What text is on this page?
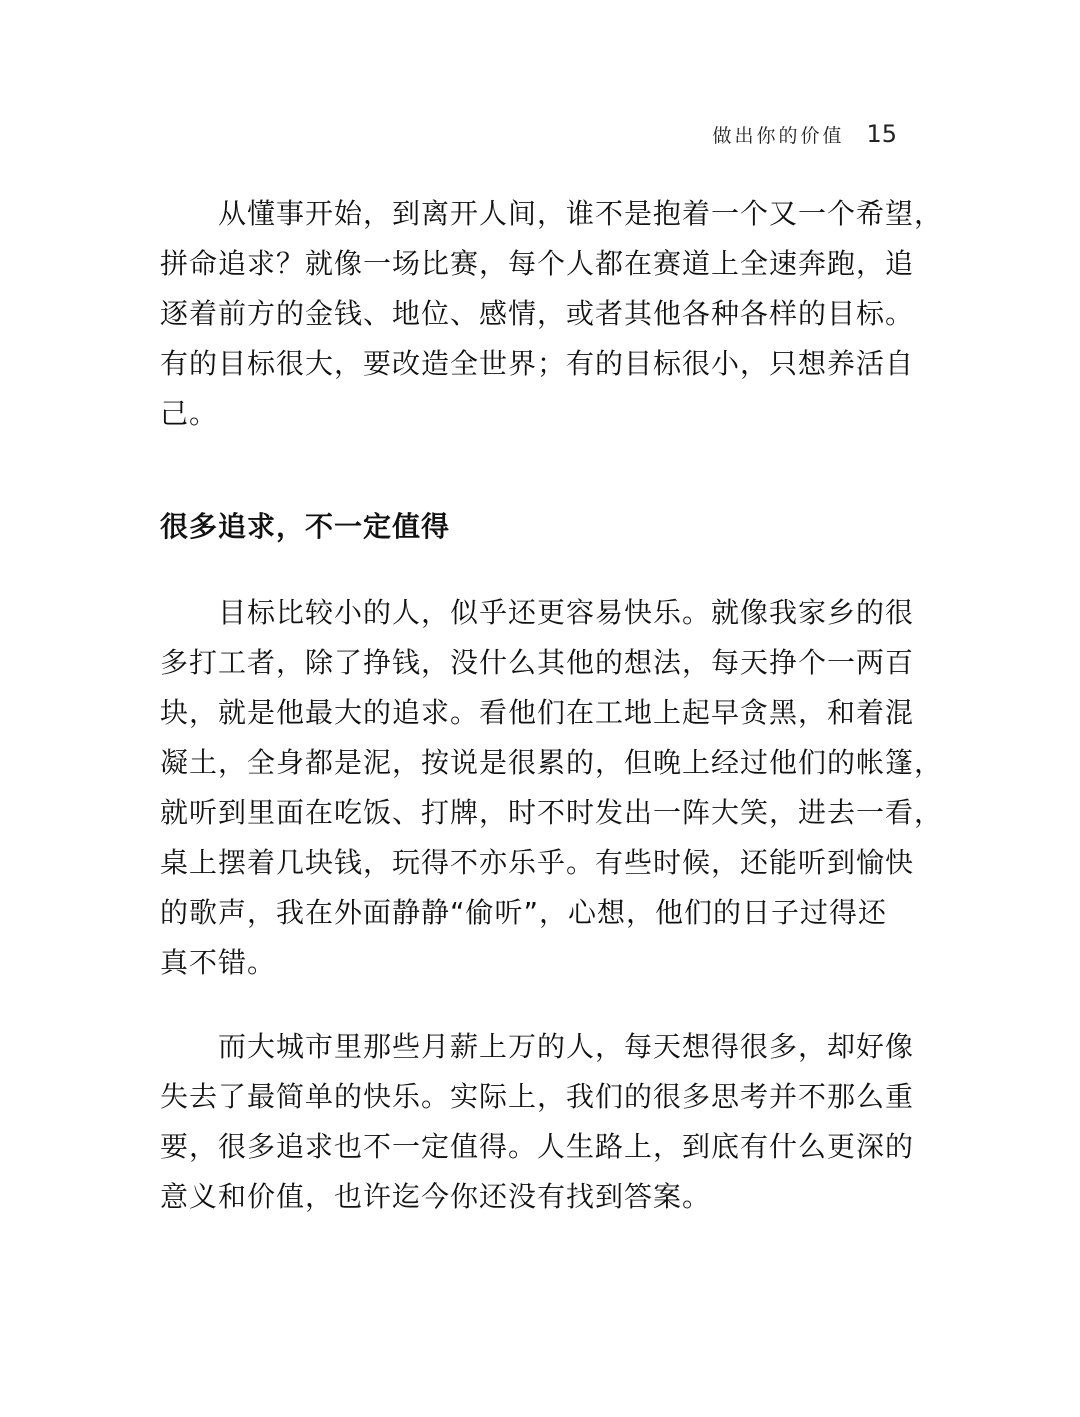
做出你的价值 15

从懂事开始，到离开人间，谁不是抱着一个又一个希望，
拼命追求？就像一场比赛，每个人都在赛道上全速奔跑，追
逐着前方的金钱、地位、感情，或者其他各种各样的目标。
有的目标很大，要改造全世界；有的目标很小，只想养活自
己。

很多追求，不一定值得

目标比较小的人，似乎还更容易快乐。就像我家乡的很
多打工者，除了挣钱，没什么其他的想法，每天挣个一两百
块，就是他最大的追求。看他们在工地上起早贪黑，和着混
凝土，全身都是泥，按说是很累的，但晚上经过他们的帐篷，
就听到里面在吃饭、打牌，时不时发出一阵大笑，进去一看，
桌上摆着几块钱，玩得不亦乐乎。有些时候，还能听到愉快
的歌声，我在外面静静“偷听”，心想，他们的日子过得还
真不错。

而大城市里那些月薪上万的人，每天想得很多，却好像
失去了最简单的快乐。实际上，我们的很多思考并不那么重
要，很多追求也不一定值得。人生路上，到底有什么更深的
意义和价值，也许迄今你还没有找到答案。
